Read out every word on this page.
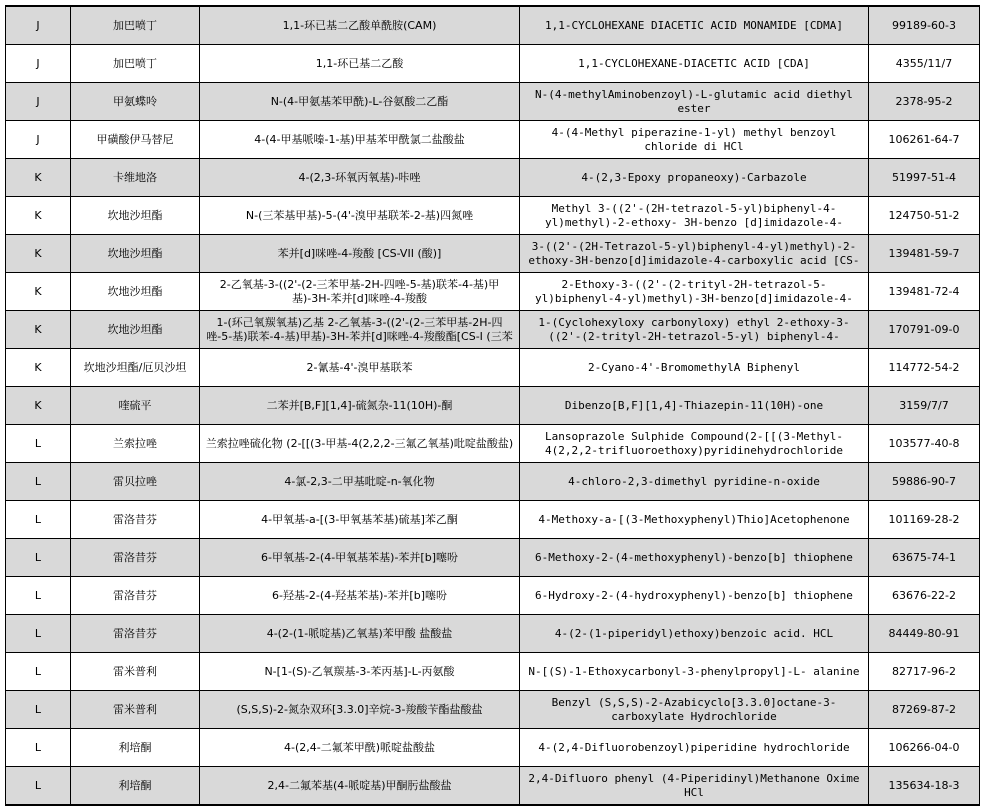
J	加巴喷丁	1,1-环已基二乙酸单酰胺(CAM)	1,1-CYCLOHEXANE DIACETIC ACID MONAMIDE [CDMA]	99189-60-3

J	加巴喷丁	1,1-环已基二乙酸	1,1-CYCLOHEXANE-DIACETIC ACID [CDA]	4355/11/7

J	甲氨蝶呤	N-(4-甲氨基苯甲酰)-L-谷氨酸二乙酯	N-(4-methylAminobenzoyl)-L-glutamic acid diethyl ester	2378-95-2

J	甲磺酸伊马替尼	4-(4-甲基哌嗪-1-基)甲基苯甲酰氯二盐酸盐	4-(4-Methyl piperazine-1-yl) methyl benzoyl chloride di HCl	106261-64-7

K	卡维地洛	4-(2,3-环氧丙氧基)-咔唑	4-(2,3-Epoxy propaneoxy)-Carbazole	51997-51-4

K	坎地沙坦酯	N-(三苯基甲基)-5-(4'-溴甲基联苯-2-基)四氮唑	Methyl 3-((2'-(2H-tetrazol-5-yl)biphenyl-4-yl)methyl)-2-ethoxy- 3H-benzo [d]imidazole-4-	124750-51-2

K	坎地沙坦酯	苯并[d]咪唑-4-羧酸 [CS-VII (酸)]	3-((2'-(2H-Tetrazol-5-yl)biphenyl-4-yl)methyl)-2-ethoxy-3H-benzo[d]imidazole-4-carboxylic acid [CS-	139481-59-7

K	坎地沙坦酯	2-乙氧基-3-((2'-(2-三苯甲基-2H-四唑-5-基)联苯-4-基)甲基)-3H-苯并[d]咪唑-4-羧酸	2-Ethoxy-3-((2'-(2-trityl-2H-tetrazol-5-yl)biphenyl-4-yl)methyl)-3H-benzo[d]imidazole-4-	139481-72-4

K	坎地沙坦酯	1-(环己氧羰氧基)乙基 2-乙氧基-3-((2'-(2-三苯甲基-2H-四唑-5-基)联苯-4-基)甲基)-3H-苯并[d]咪唑-4-羧酸酯[CS-I (三苯	1-(Cyclohexyloxy carbonyloxy) ethyl 2-ethoxy-3-((2'-(2-trityl-2H-tetrazol-5-yl) biphenyl-4-	170791-09-0

K	坎地沙坦酯/厄贝沙坦	2-氰基-4'-溴甲基联苯	2-Cyano-4'-BromomethylA Biphenyl	114772-54-2

K	喹硫平	二苯并[B,F][1,4]-硫氮杂-11(10H)-酮	Dibenzo[B,F][1,4]-Thiazepin-11(10H)-one	3159/7/7

L	兰索拉唑	兰索拉唑硫化物 (2-[[(3-甲基-4(2,2,2-三氟乙氧基)吡啶盐酸盐)	Lansoprazole Sulphide Compound(2-[[(3-Methyl-4(2,2,2-trifluoroethoxy)pyridinehydrochloride	103577-40-8

L	雷贝拉唑	4-氯-2,3-二甲基吡啶-n-氧化物	4-chloro-2,3-dimethyl pyridine-n-oxide	59886-90-7

L	雷洛昔芬	4-甲氧基-a-[(3-甲氧基苯基)硫基]苯乙酮	4-Methoxy-a-[(3-Methoxyphenyl)Thio]Acetophenone	101169-28-2

L	雷洛昔芬	6-甲氧基-2-(4-甲氧基苯基)-苯并[b]噻吩	6-Methoxy-2-(4-methoxyphenyl)-benzo[b] thiophene	63675-74-1

L	雷洛昔芬	6-羟基-2-(4-羟基苯基)-苯并[b]噻吩	6-Hydroxy-2-(4-hydroxyphenyl)-benzo[b] thiophene	63676-22-2

L	雷洛昔芬	4-(2-(1-哌啶基)乙氧基)苯甲酸 盐酸盐	4-(2-(1-piperidyl)ethoxy)benzoic acid. HCL	84449-80-91

L	雷米普利	N-[1-(S)-乙氧羰基-3-苯丙基]-L-丙氨酸	N-[(S)-1-Ethoxycarbonyl-3-phenylpropyl]-L- alanine	82717-96-2

L	雷米普利	(S,S,S)-2-氮杂双环[3.3.0]辛烷-3-羧酸苄酯盐酸盐	Benzyl (S,S,S)-2-Azabicyclo[3.3.0]octane-3-carboxylate Hydrochloride	87269-87-2

L	利培酮	4-(2,4-二氟苯甲酰)哌啶盐酸盐	4-(2,4-Difluorobenzoyl)piperidine hydrochloride	106266-04-0

L	利培酮	2,4-二氟苯基(4-哌啶基)甲酮肟盐酸盐	2,4-Difluoro phenyl (4-Piperidinyl)Methanone Oxime HCl	135634-18-3
